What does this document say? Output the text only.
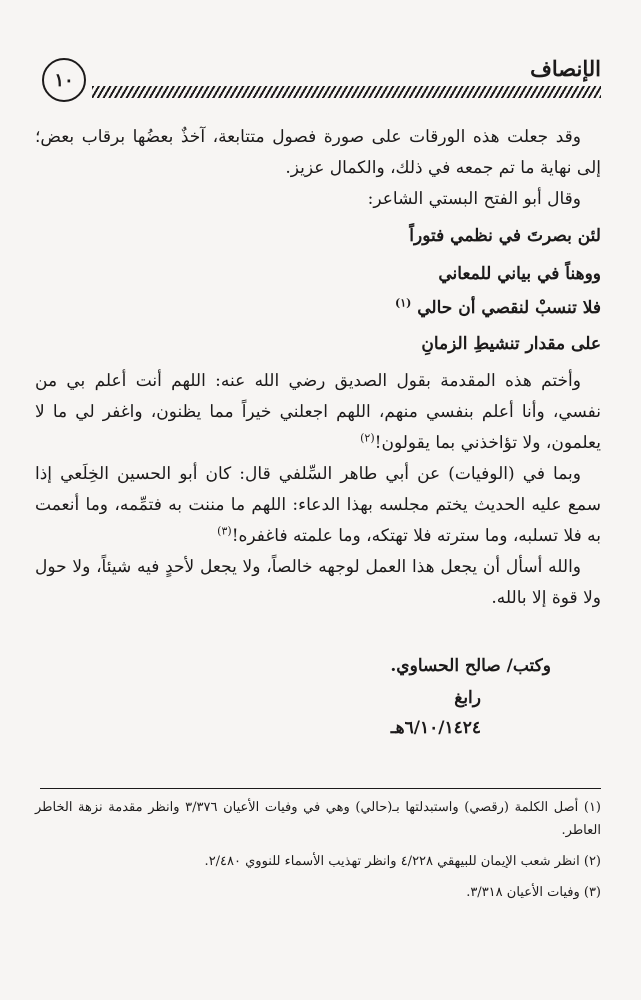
١٠	الإنصاف

وقد جعلت هذه الورقات على صورة فصول متتابعة، آخذٌ بعضُها برقاب بعض؛ إلى نهاية ما تم جمعه في ذلك، والكمال عزيز.

وقال أبو الفتح البستي الشاعر:

لئن بصرتَ في نظمي فتوراً
ووهناً في بياني للمعاني
فلا تنسبْ لنقصي أن حالي $^{(١)}$
على مقدار تنشيطِ الزمانِ

وأختم هذه المقدمة بقول الصديق رضي الله عنه: اللهم أنت أعلم بي من نفسي، وأنا أعلم بنفسي منهم، اللهم اجعلني خيراً مما يظنون، واغفر لي ما لا يعلمون، ولا تؤاخذني بما يقولون!$^{(٢)}$

وبما في (الوفيات) عن أبي طاهر السِّلفي قال: كان أبو الحسين الخِلَعي إذا سمع عليه الحديث يختم مجلسه بهذا الدعاء: اللهم ما مننت به فتمِّمه، وما أنعمت به فلا تسلبه، وما سترته فلا تهتكه، وما علمته فاغفره!$^{(٣)}$

والله أسأل أن يجعل هذا العمل لوجهه خالصاً، ولا يجعل لأحدٍ فيه شيئاً، ولا حول ولا قوة إلا بالله.

وكتب/ صالح الحساوي.
رابغ
٦/١٠/١٤٢٤هـ

(١) أصل الكلمة (رقصي) واستبدلتها بـ(حالي) وهي في وفيات الأعيان ٣/٣٧٦ وانظر مقدمة نزهة الخاطر العاطر.

(٢) انظر شعب الإيمان للبيهقي ٤/٢٢٨ وانظر تهذيب الأسماء للنووي ٢/٤٨٠.

(٣) وفيات الأعيان ٣/٣١٨.
